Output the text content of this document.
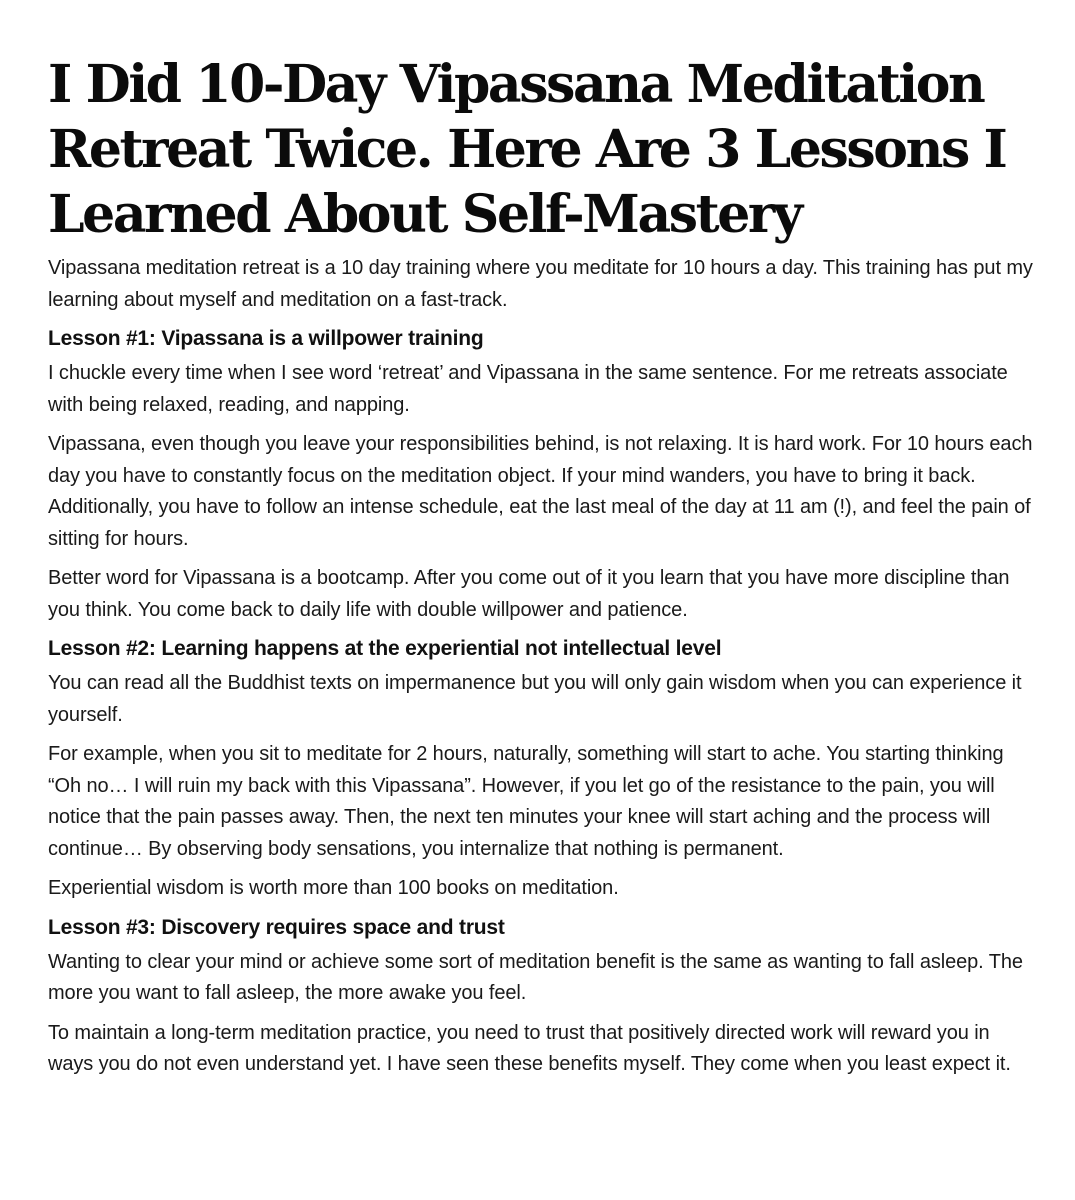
I Did 10-Day Vipassana Meditation Retreat Twice. Here Are 3 Lessons I Learned About Self-Mastery

Vipassana meditation retreat is a 10 day training where you meditate for 10 hours a day. This training has put my learning about myself and meditation on a fast-track.

Lesson #1: Vipassana is a willpower training

I chuckle every time when I see word ‘retreat’ and Vipassana in the same sentence. For me retreats associate with being relaxed, reading, and napping.

Vipassana, even though you leave your responsibilities behind, is not relaxing. It is hard work. For 10 hours each day you have to constantly focus on the meditation object. If your mind wanders, you have to bring it back. Additionally, you have to follow an intense schedule, eat the last meal of the day at 11 am (!), and feel the pain of sitting for hours.

Better word for Vipassana is a bootcamp. After you come out of it you learn that you have more discipline than you think. You come back to daily life with double willpower and patience.

Lesson #2: Learning happens at the experiential not intellectual level

You can read all the Buddhist texts on impermanence but you will only gain wisdom when you can experience it yourself.

For example, when you sit to meditate for 2 hours, naturally, something will start to ache. You starting thinking “Oh no… I will ruin my back with this Vipassana”. However, if you let go of the resistance to the pain, you will notice that the pain passes away. Then, the next ten minutes your knee will start aching and the process will continue… By observing body sensations, you internalize that nothing is permanent.

Experiential wisdom is worth more than 100 books on meditation.

Lesson #3: Discovery requires space and trust

Wanting to clear your mind or achieve some sort of meditation benefit is the same as wanting to fall asleep. The more you want to fall asleep, the more awake you feel.

To maintain a long-term meditation practice, you need to trust that positively directed work will reward you in ways you do not even understand yet. I have seen these benefits myself. They come when you least expect it.
